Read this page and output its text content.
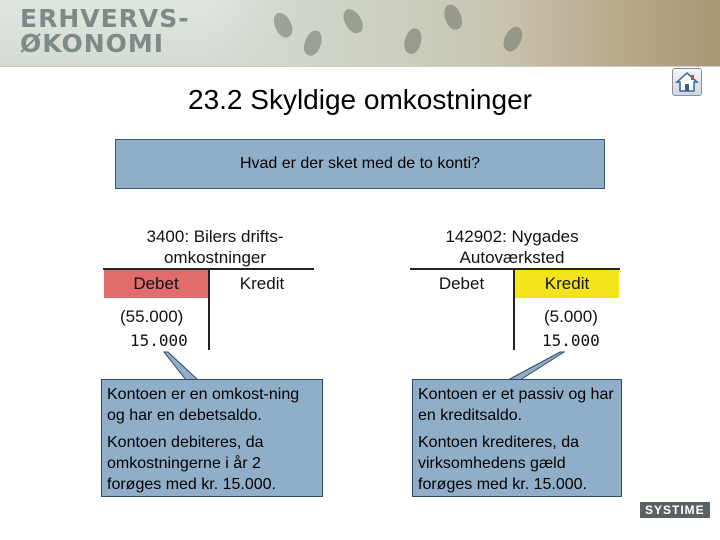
ERHVERVS-
ØKONOMI
23.2 Skyldige omkostninger
Hvad er der sket med de to konti?
3400: Bilers drifts-
omkostninger
Debet	Kredit
(55.000)
15.000
142902: Nygades
Autoværksted
Debet	Kredit
(5.000)
15.000

Kontoen er en omkost-ning og har en debetsaldo.

Kontoen debiteres, da omkostningerne i år 2 forøges med kr. 15.000.

Kontoen er et passiv og har en kreditsaldo.

Kontoen krediteres, da virksomhedens gæld forøges med kr. 15.000.

SYSTIME
